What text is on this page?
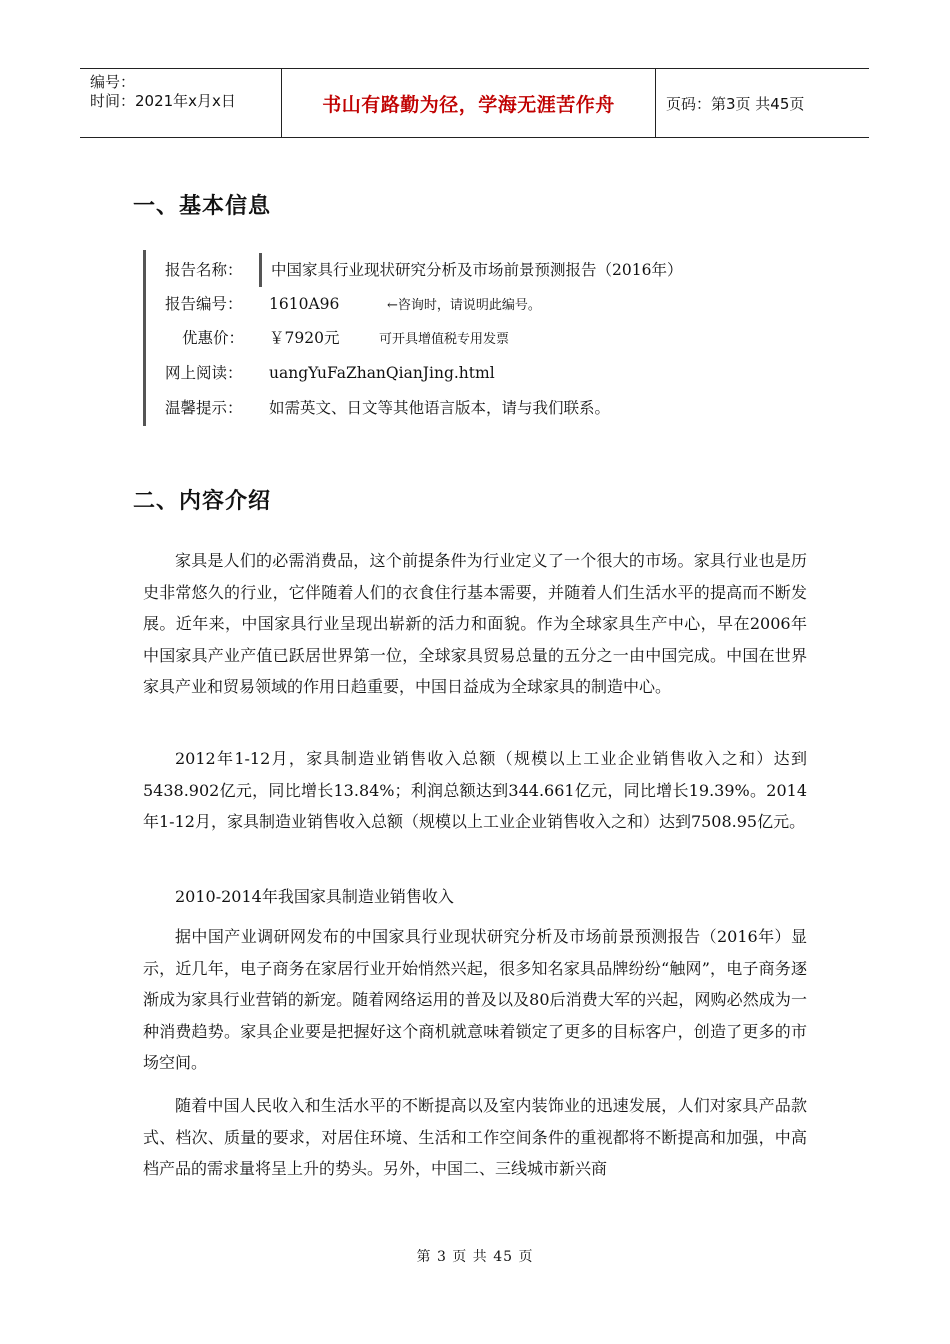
编号：
时间：2021年x月x日	书山有路勤为径，学海无涯苦作舟	页码：第3页 共45页
一、基本信息
报告名称：	中国家具行业现状研究分析及市场前景预测报告（2016年）
报告编号：	1610A96	←咨询时，请说明此编号。
优惠价：	￥7920元	可开具增值税专用发票
网上阅读：	uangYuFaZhanQianJing.html
温馨提示：	如需英文、日文等其他语言版本，请与我们联系。
二、内容介绍

家具是人们的必需消费品，这个前提条件为行业定义了一个很大的市场。家具行业也是历史非常悠久的行业，它伴随着人们的衣食住行基本需要，并随着人们生活水平的提高而不断发展。近年来，中国家具行业呈现出崭新的活力和面貌。作为全球家具生产中心，早在2006年中国家具产业产值已跃居世界第一位，全球家具贸易总量的五分之一由中国完成。中国在世界家具产业和贸易领域的作用日趋重要，中国日益成为全球家具的制造中心。

2012年1-12月，家具制造业销售收入总额（规模以上工业企业销售收入之和）达到5438.902亿元，同比增长13.84%；利润总额达到344.661亿元，同比增长19.39%。2014年1-12月，家具制造业销售收入总额（规模以上工业企业销售收入之和）达到7508.95亿元。

2010-2014年我国家具制造业销售收入

据中国产业调研网发布的中国家具行业现状研究分析及市场前景预测报告（2016年）显示，近几年，电子商务在家居行业开始悄然兴起，很多知名家具品牌纷纷“触网”，电子商务逐渐成为家具行业营销的新宠。随着网络运用的普及以及80后消费大军的兴起，网购必然成为一种消费趋势。家具企业要是把握好这个商机就意味着锁定了更多的目标客户，创造了更多的市场空间。

随着中国人民收入和生活水平的不断提高以及室内装饰业的迅速发展，人们对家具产品款式、档次、质量的要求，对居住环境、生活和工作空间条件的重视都将不断提高和加强，中高档产品的需求量将呈上升的势头。另外，中国二、三线城市新兴商

第 3 页 共 45 页
